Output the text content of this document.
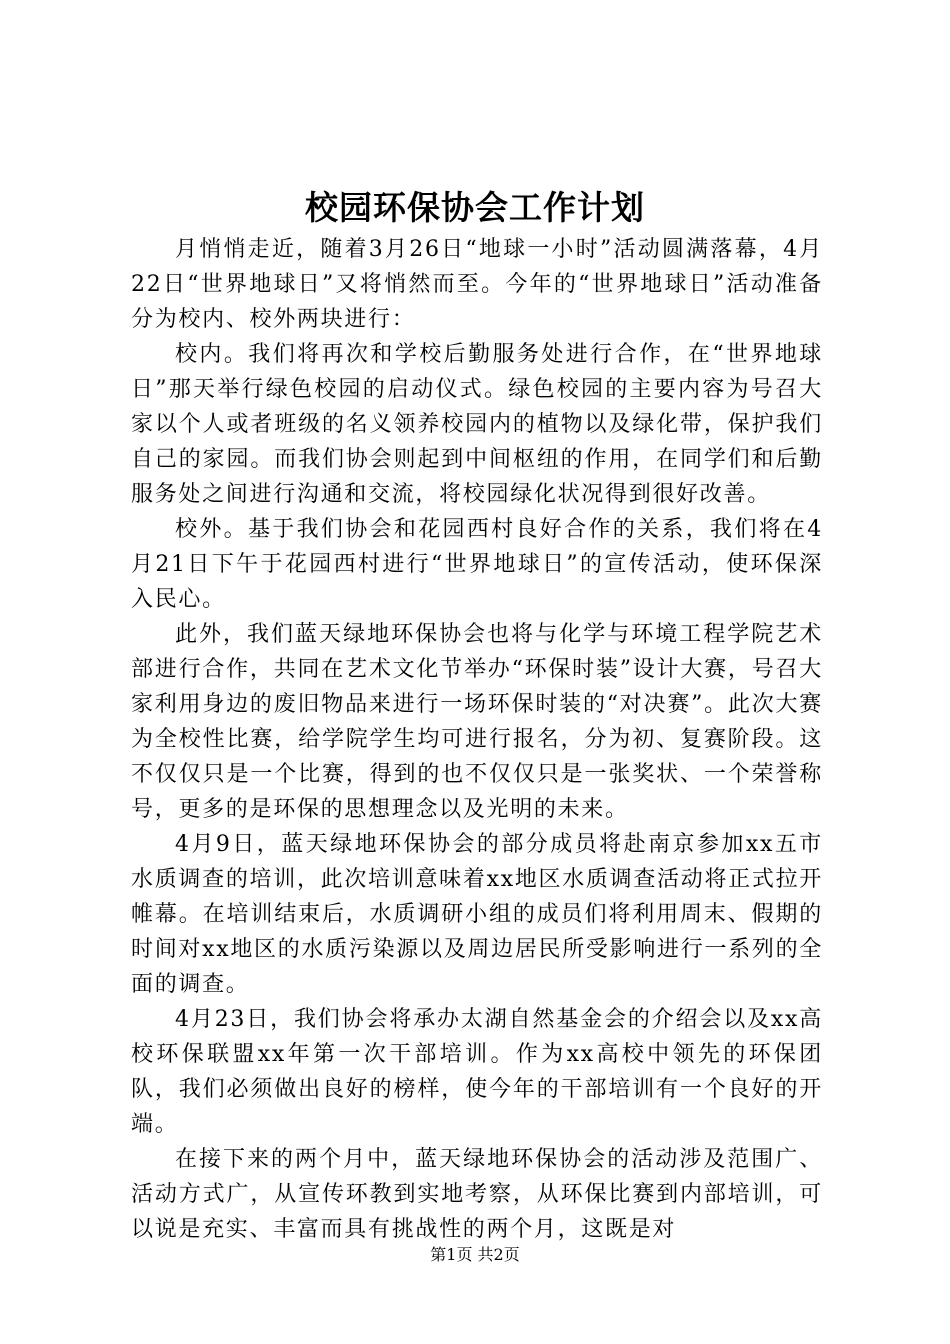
校园环保协会工作计划

月悄悄走近，随着3月26日“地球一小时”活动圆满落幕，4月22日“世界地球日”又将悄然而至。今年的“世界地球日”活动准备分为校内、校外两块进行：

校内。我们将再次和学校后勤服务处进行合作，在“世界地球日”那天举行绿色校园的启动仪式。绿色校园的主要内容为号召大家以个人或者班级的名义领养校园内的植物以及绿化带，保护我们自己的家园。而我们协会则起到中间枢纽的作用，在同学们和后勤服务处之间进行沟通和交流，将校园绿化状况得到很好改善。

校外。基于我们协会和花园西村良好合作的关系，我们将在4月21日下午于花园西村进行“世界地球日”的宣传活动，使环保深入民心。

此外，我们蓝天绿地环保协会也将与化学与环境工程学院艺术部进行合作，共同在艺术文化节举办“环保时装”设计大赛，号召大家利用身边的废旧物品来进行一场环保时装的“对决赛”。此次大赛为全校性比赛，给学院学生均可进行报名，分为初、复赛阶段。这不仅仅只是一个比赛，得到的也不仅仅只是一张奖状、一个荣誉称号，更多的是环保的思想理念以及光明的未来。

4月9日，蓝天绿地环保协会的部分成员将赴南京参加xx五市水质调查的培训，此次培训意味着xx地区水质调查活动将正式拉开帷幕。在培训结束后，水质调研小组的成员们将利用周末、假期的时间对xx地区的水质污染源以及周边居民所受影响进行一系列的全面的调查。

4月23日，我们协会将承办太湖自然基金会的介绍会以及xx高校环保联盟xx年第一次干部培训。作为xx高校中领先的环保团队，我们必须做出良好的榜样，使今年的干部培训有一个良好的开端。

在接下来的两个月中，蓝天绿地环保协会的活动涉及范围广、活动方式广，从宣传环教到实地考察，从环保比赛到内部培训，可以说是充实、丰富而具有挑战性的两个月，这既是对

第1页 共2页
